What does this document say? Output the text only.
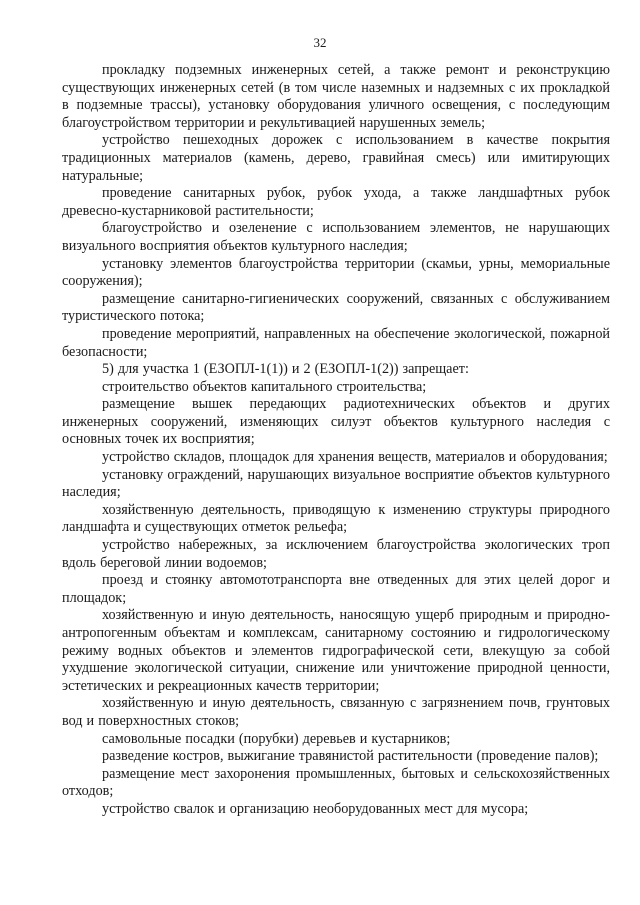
32

прокладку подземных инженерных сетей, а также ремонт и реконструкцию существующих инженерных сетей (в том числе наземных и надземных с их прокладкой в подземные трассы), установку оборудования уличного освещения, с последующим благоустройством территории и рекультивацией нарушенных земель;

устройство пешеходных дорожек с использованием в качестве покрытия традиционных материалов (камень, дерево, гравийная смесь) или имитирующих натуральные;

проведение санитарных рубок, рубок ухода, а также ландшафтных рубок древесно-кустарниковой растительности;

благоустройство и озеленение с использованием элементов, не нарушающих визуального восприятия объектов культурного наследия;

установку элементов благоустройства территории (скамьи, урны, мемориальные сооружения);

размещение санитарно-гигиенических сооружений, связанных с обслуживанием туристического потока;

проведение мероприятий, направленных на обеспечение экологической, пожарной безопасности;

5) для участка 1 (ЕЗОПЛ-1(1)) и 2 (ЕЗОПЛ-1(2)) запрещает:

строительство объектов капитального строительства;

размещение вышек передающих радиотехнических объектов и других инженерных сооружений, изменяющих силуэт объектов культурного наследия с основных точек их восприятия;

устройство складов, площадок для хранения веществ, материалов и оборудования;

установку ограждений, нарушающих визуальное восприятие объектов культурного наследия;

хозяйственную деятельность, приводящую к изменению структуры природного ландшафта и существующих отметок рельефа;

устройство набережных, за исключением благоустройства экологических троп вдоль береговой линии водоемов;

проезд и стоянку автомототранспорта вне отведенных для этих целей дорог и площадок;

хозяйственную и иную деятельность, наносящую ущерб природным и природно-антропогенным объектам и комплексам, санитарному состоянию и гидрологическому режиму водных объектов и элементов гидрографической сети, влекущую за собой ухудшение экологической ситуации, снижение или уничтожение природной ценности, эстетических и рекреационных качеств территории;

хозяйственную и иную деятельность, связанную с загрязнением почв, грунтовых вод и поверхностных стоков;

самовольные посадки (порубки) деревьев и кустарников;

разведение костров, выжигание травянистой растительности (проведение палов);

размещение мест захоронения промышленных, бытовых и сельскохозяйственных отходов;

устройство свалок и организацию необорудованных мест для мусора;
